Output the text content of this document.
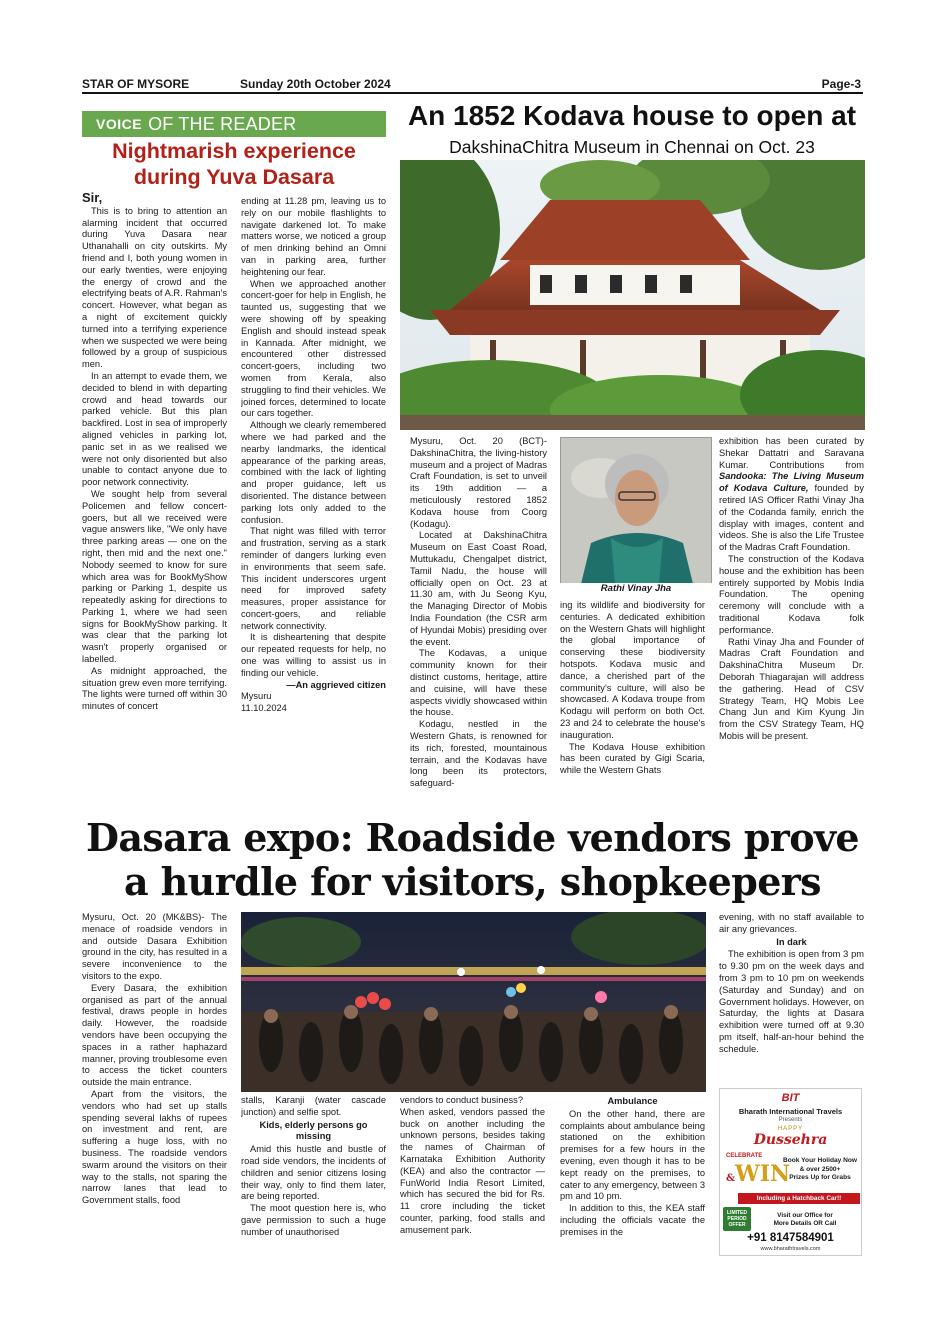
STAR OF MYSORE	Sunday 20th October 2024	Page-3
VOICE OF THE READER
Nightmarish experience during Yuva Dasara

Sir,

This is to bring to attention an alarming incident that occurred during Yuva Dasara near Uthanahalli on city outskirts. My friend and I, both young women in our early twenties, were enjoying the energy of crowd and the electrifying beats of A.R. Rahman's concert. However, what began as a night of excitement quickly turned into a terrifying experience when we suspected we were being followed by a group of suspicious men.

In an attempt to evade them, we decided to blend in with departing crowd and head towards our parked vehicle. But this plan backfired. Lost in sea of improperly aligned vehicles in parking lot, panic set in as we realised we were not only disoriented but also unable to contact anyone due to poor network connectivity.

We sought help from several Policemen and fellow concert-goers, but all we received were vague answers like, "We only have three parking areas — one on the right, then mid and the next one." Nobody seemed to know for sure which area was for BookMyShow parking or Parking 1, despite us repeatedly asking for directions to Parking 1, where we had seen signs for BookMyShow parking. It was clear that the parking lot wasn't properly organised or labelled.

As midnight approached, the situation grew even more terrifying. The lights were turned off within 30 minutes of concert

ending at 11.28 pm, leaving us to rely on our mobile flashlights to navigate darkened lot. To make matters worse, we noticed a group of men drinking behind an Omni van in parking area, further heightening our fear.

When we approached another concert-goer for help in English, he taunted us, suggesting that we were showing off by speaking English and should instead speak in Kannada. After midnight, we encountered other distressed concert-goers, including two women from Kerala, also struggling to find their vehicles. We joined forces, determined to locate our cars together.

Although we clearly remembered where we had parked and the nearby landmarks, the identical appearance of the parking areas, combined with the lack of lighting and proper guidance, left us disoriented. The distance between parking lots only added to the confusion.

That night was filled with terror and frustration, serving as a stark reminder of dangers lurking even in environments that seem safe. This incident underscores urgent need for improved safety measures, proper assistance for concert-goers, and reliable network connectivity.

It is disheartening that despite our repeated requests for help, no one was willing to assist us in finding our vehicle.

—An aggrieved citizen

Mysuru

11.10.2024

An 1852 Kodava house to open at
DakshinaChitra Museum in Chennai on Oct. 23

Mysuru, Oct. 20 (BCT)- DakshinaChitra, the living-history museum and a project of Madras Craft Foundation, is set to unveil its 19th addition — a meticulously restored 1852 Kodava house from Coorg (Kodagu).

Located at DakshinaChitra Museum on East Coast Road, Muttukadu, Chengalpet district, Tamil Nadu, the house will officially open on Oct. 23 at 11.30 am, with Ju Seong Kyu, the Managing Director of Mobis India Foundation (the CSR arm of Hyundai Mobis) presiding over the event.

The Kodavas, a unique community known for their distinct customs, heritage, attire and cuisine, will have these aspects vividly showcased within the house.

Kodagu, nestled in the Western Ghats, is renowned for its rich, forested, mountainous terrain, and the Kodavas have long been its protectors, safeguard-

Rathi Vinay Jha

ing its wildlife and biodiversity for centuries. A dedicated exhibition on the Western Ghats will highlight the global importance of conserving these biodiversity hotspots. Kodava music and dance, a cherished part of the community's culture, will also be showcased. A Kodava troupe from Kodagu will perform on both Oct. 23 and 24 to celebrate the house's inauguration.

The Kodava House exhibition has been curated by Gigi Scaria, while the Western Ghats

exhibition has been curated by Shekar Dattatri and Saravana Kumar. Contributions from Sandooka: The Living Museum of Kodava Culture, founded by retired IAS Officer Rathi Vinay Jha of the Codanda family, enrich the display with images, content and videos. She is also the Life Trustee of the Madras Craft Foundation.

The construction of the Kodava house and the exhibition has been entirely supported by Mobis India Foundation. The opening ceremony will conclude with a traditional Kodava folk performance.

Rathi Vinay Jha and Founder of Madras Craft Foundation and DakshinaChitra Museum Dr. Deborah Thiagarajan will address the gathering. Head of CSV Strategy Team, HQ Mobis Lee Chang Jun and Kim Kyung Jin from the CSV Strategy Team, HQ Mobis will be present.

Dasara expo: Roadside vendors prove a hurdle for visitors, shopkeepers

Mysuru, Oct. 20 (MK&BS)- The menace of roadside vendors in and outside Dasara Exhibition ground in the city, has resulted in a severe inconvenience to the visitors to the expo.

Every Dasara, the exhibition organised as part of the annual festival, draws people in hordes daily. However, the roadside vendors have been occupying the spaces in a rather haphazard manner, proving troublesome even to access the ticket counters outside the main entrance.

Apart from the visitors, the vendors who had set up stalls spending several lakhs of rupees on investment and rent, are suffering a huge loss, with no business. The roadside vendors swarm around the visitors on their way to the stalls, not sparing the narrow lanes that lead to Government stalls, food

stalls, Karanji (water cascade junction) and selfie spot.

Kids, elderly persons go missing

Amid this hustle and bustle of road side vendors, the incidents of children and senior citizens losing their way, only to find them later, are being reported.

The moot question here is, who gave permission to such a huge number of unauthorised

vendors to conduct business?

When asked, vendors passed the buck on another including the unknown persons, besides taking the names of Chairman of Karnataka Exhibition Authority (KEA) and also the contractor — FunWorld India Resort Limited, which has secured the bid for Rs. 11 crore including the ticket counter, parking, food stalls and amusement park.

Ambulance

On the other hand, there are complaints about ambulance being stationed on the exhibition premises for a few hours in the evening, even though it has to be kept ready on the premises, to cater to any emergency, between 3 pm and 10 pm.

In addition to this, the KEA staff including the officials vacate the premises in the

evening, with no staff available to air any grievances.

In dark

The exhibition is open from 3 pm to 9.30 pm on the week days and from 3 pm to 10 pm on weekends (Saturday and Sunday) and on Government holidays. However, on Saturday, the lights at Dasara exhibition were turned off at 9.30 pm itself, half-an-hour behind the schedule.

BIT
Bharath International Travels
Presents
HAPPY
Dussehra
CELEBRATE
&WIN
Book Your Holiday Now
& over 2500+
Prizes Up for Grabs
Including a Hatchback Car!!
LIMITED PERIOD OFFER
Visit our Office for
More Details OR Call
+91 8147584901
www.bharathtravels.com
